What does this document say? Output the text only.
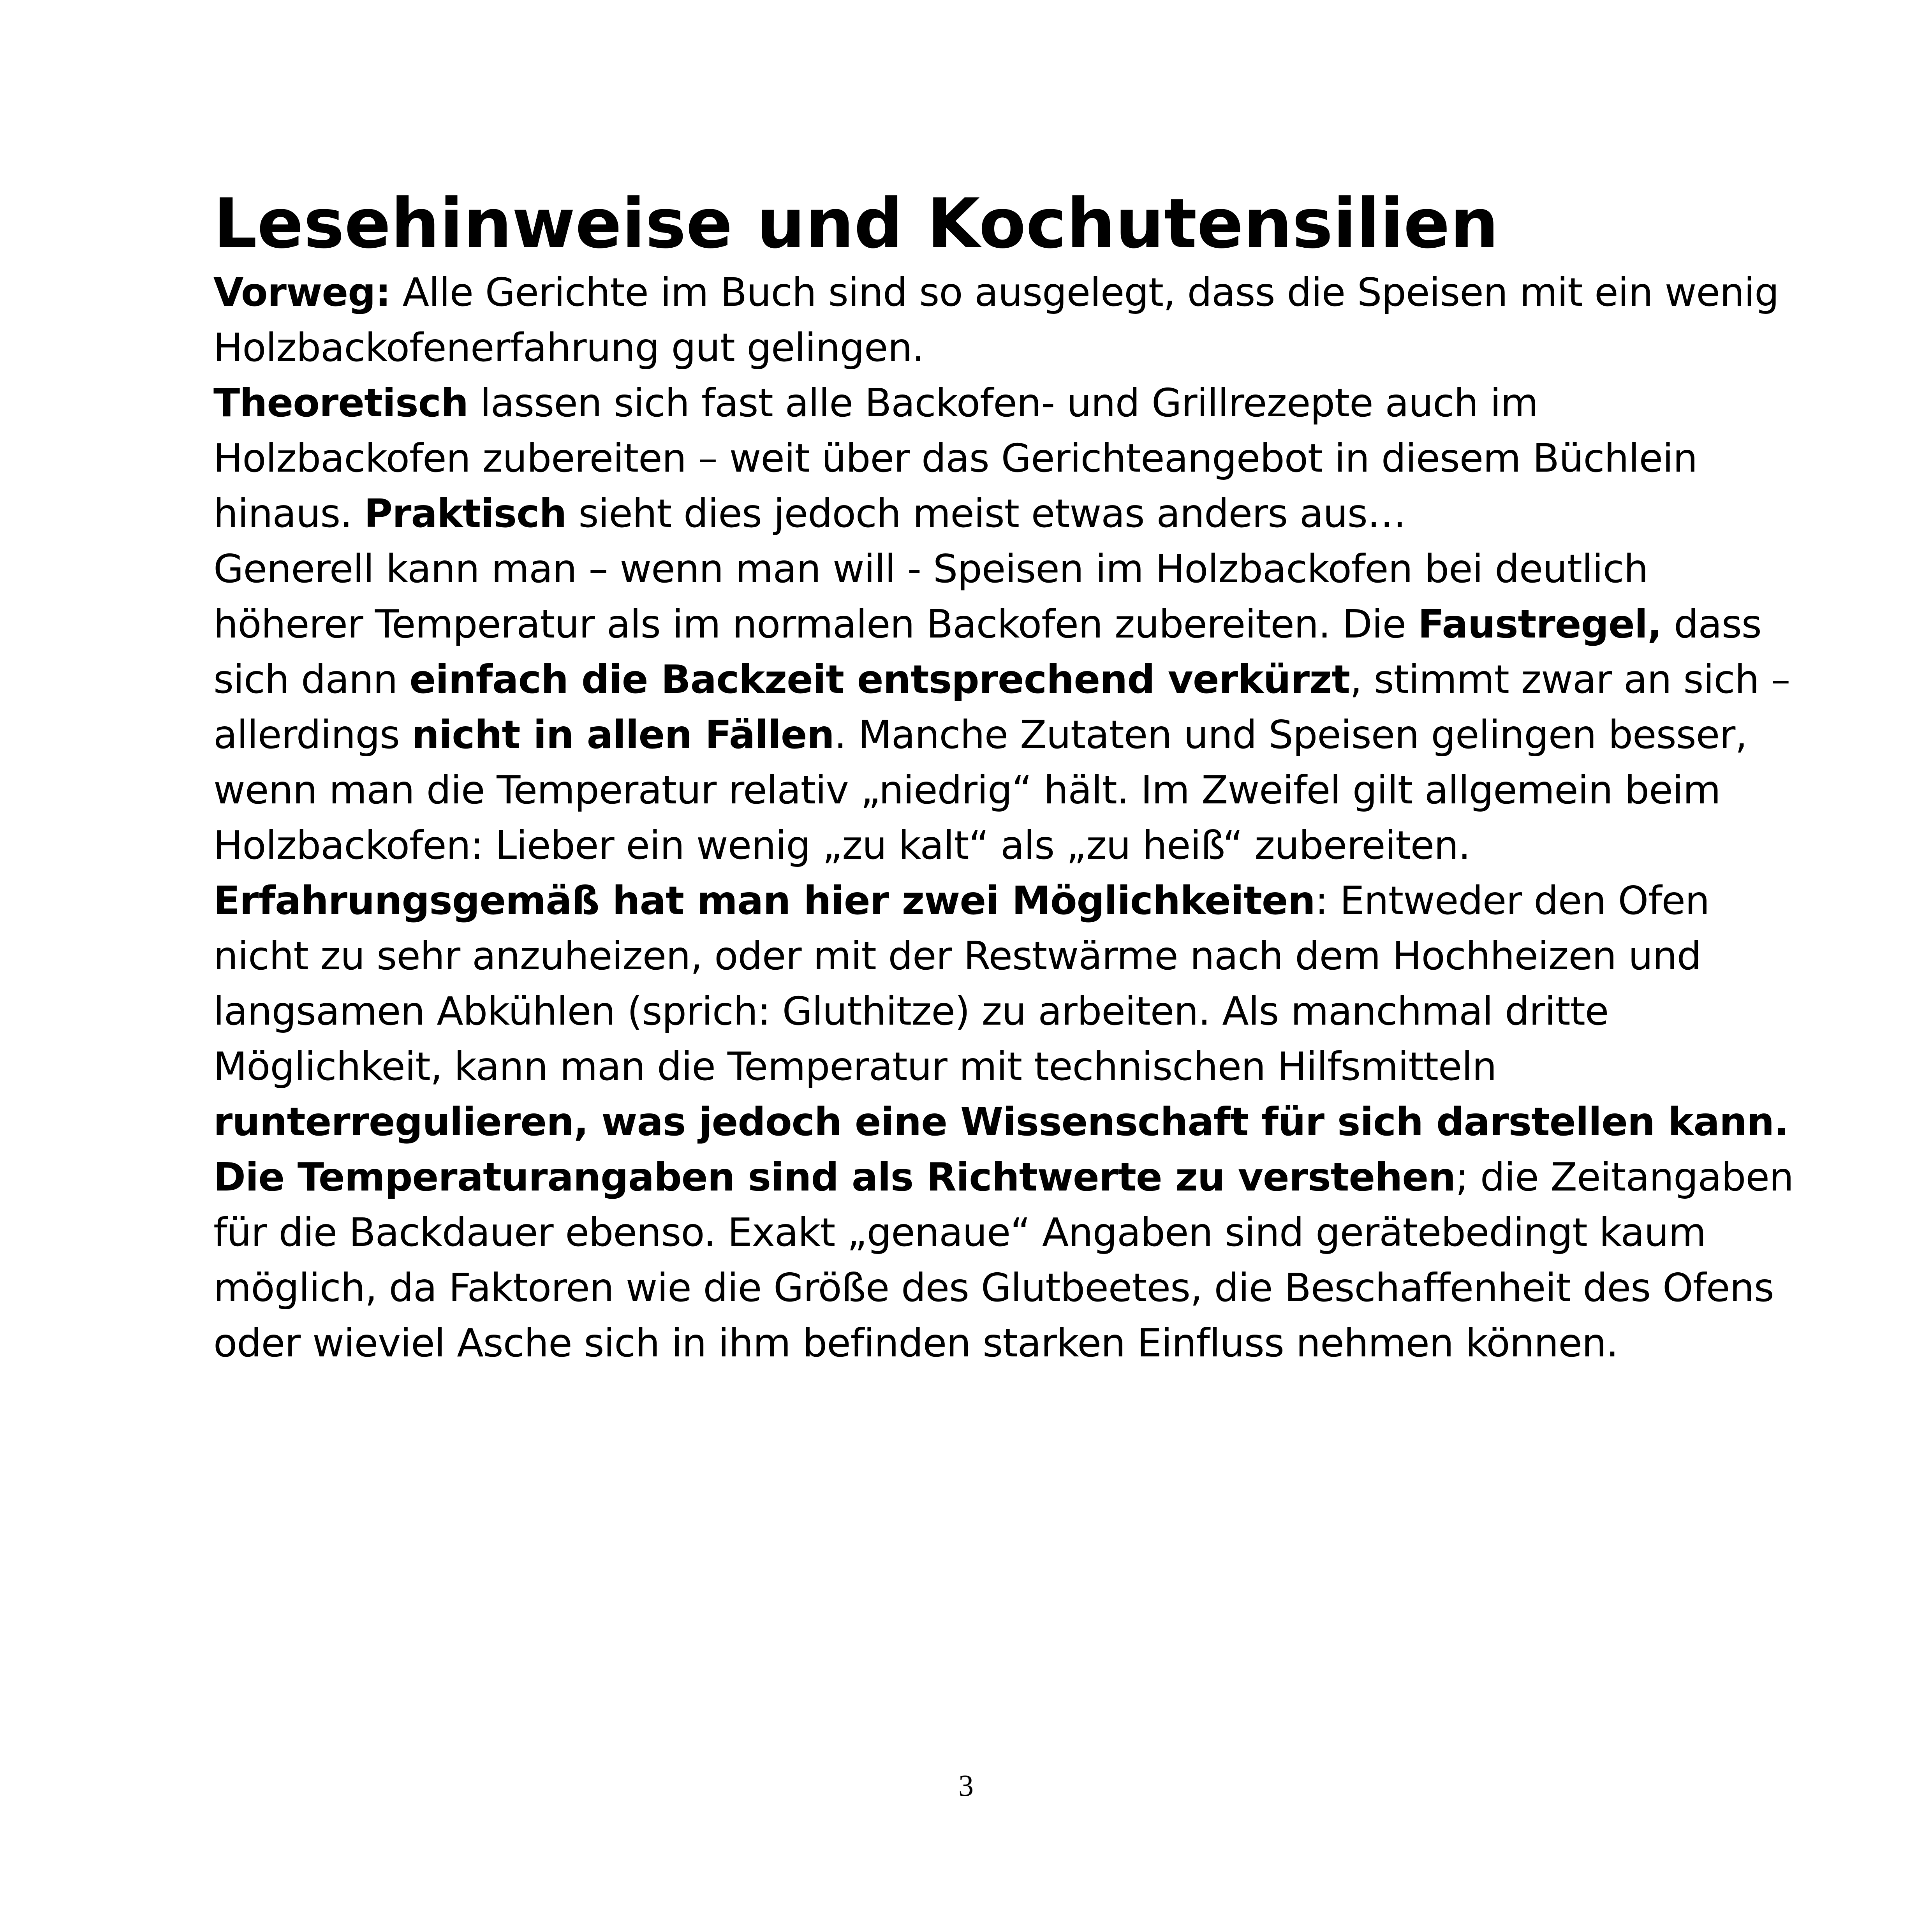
Lesehinweise und Kochutensilien

Vorweg: Alle Gerichte im Buch sind so ausgelegt, dass die Speisen mit ein wenig Holzbackofenerfahrung gut gelingen.

Theoretisch lassen sich fast alle Backofen- und Grillrezepte auch im Holzbackofen zubereiten – weit über das Gerichteangebot in diesem Büchlein hinaus. Praktisch sieht dies jedoch meist etwas anders aus…

Generell kann man – wenn man will - Speisen im Holzbackofen bei deutlich höherer Temperatur als im normalen Backofen zubereiten. Die Faustregel, dass sich dann einfach die Backzeit entsprechend verkürzt, stimmt zwar an sich – allerdings nicht in allen Fällen. Manche Zutaten und Speisen gelingen besser, wenn man die Temperatur relativ „niedrig“ hält. Im Zweifel gilt allgemein beim Holzbackofen: Lieber ein wenig „zu kalt“ als „zu heiß“ zubereiten.

Erfahrungsgemäß hat man hier zwei Möglichkeiten: Entweder den Ofen nicht zu sehr anzuheizen, oder mit der Restwärme nach dem Hochheizen und langsamen Abkühlen (sprich: Gluthitze) zu arbeiten. Als manchmal dritte Möglichkeit, kann man die Temperatur mit technischen Hilfsmitteln runterregulieren, was jedoch eine Wissenschaft für sich darstellen kann.

Die Temperaturangaben sind als Richtwerte zu verstehen; die Zeitangaben für die Backdauer ebenso. Exakt „genaue“ Angaben sind gerätebedingt kaum möglich, da Faktoren wie die Größe des Glutbeetes, die Beschaffenheit des Ofens oder wieviel Asche sich in ihm befinden starken Einfluss nehmen können.

3
